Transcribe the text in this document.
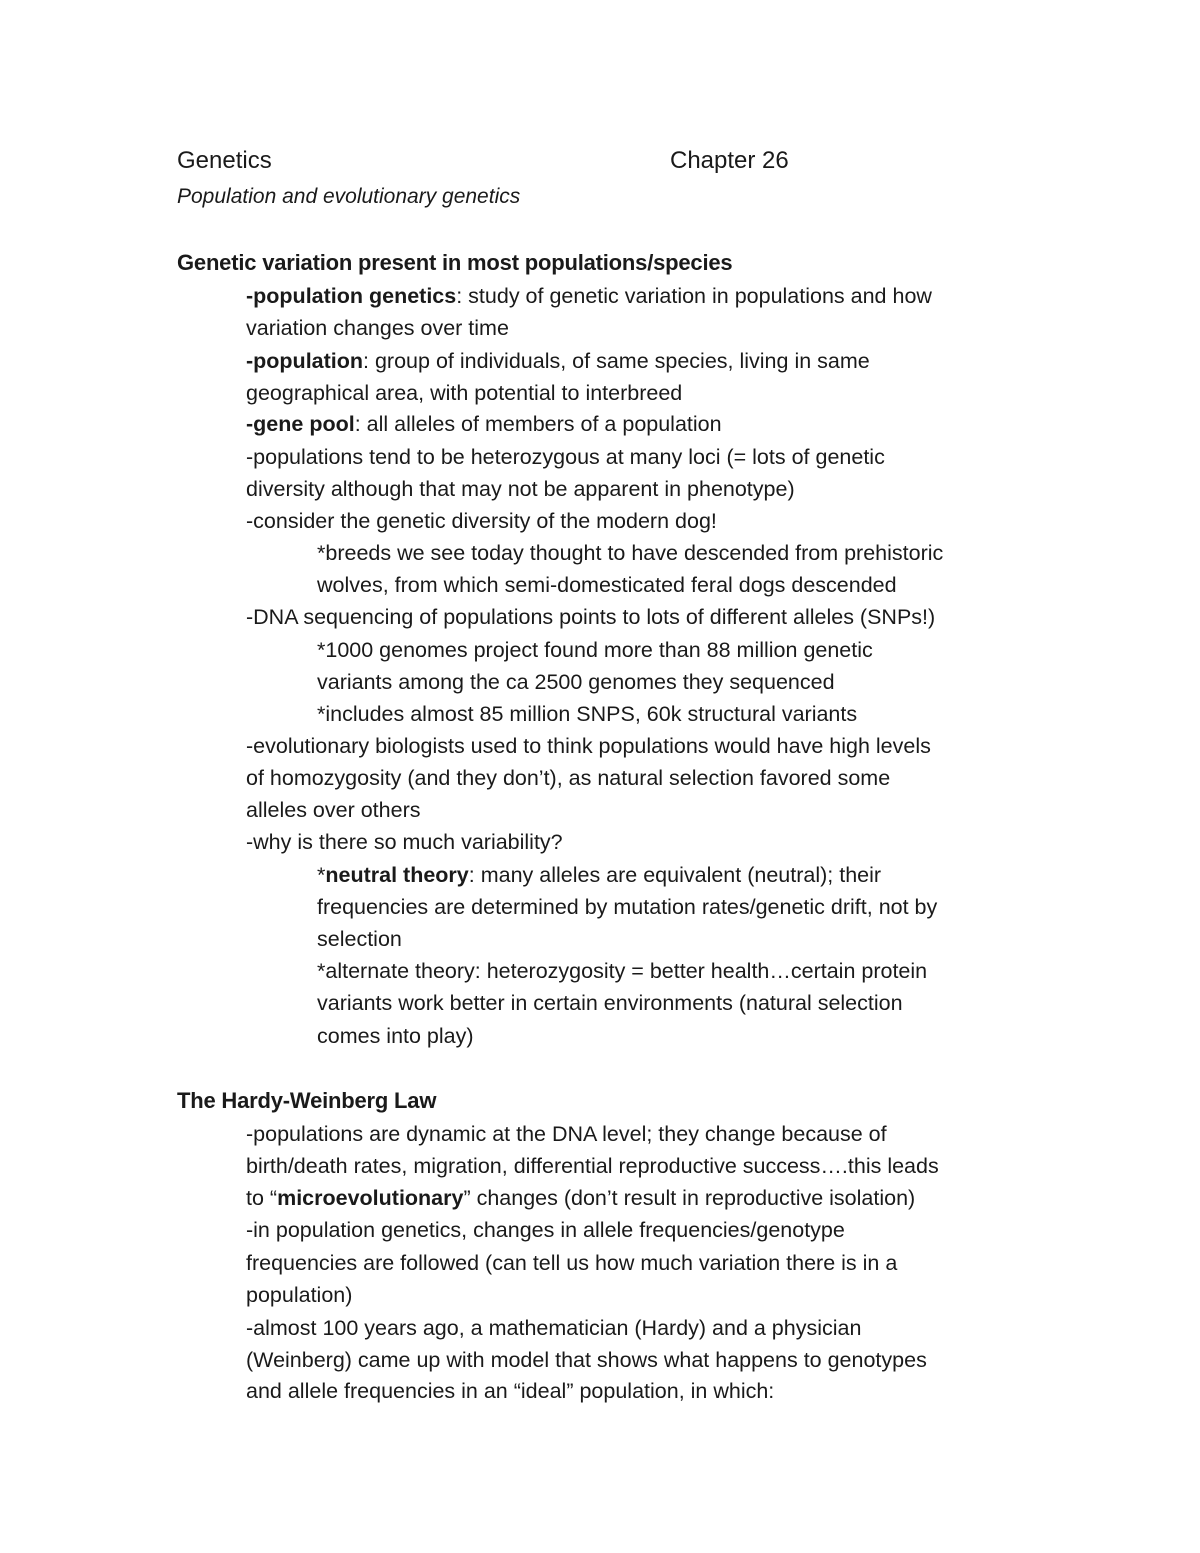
Genetics	Chapter 26
Population and evolutionary genetics
Genetic variation present in most populations/species
-population genetics: study of genetic variation in populations and how
variation changes over time
-population: group of individuals, of same species, living in same
geographical area, with potential to interbreed
-gene pool: all alleles of members of a population
-populations tend to be heterozygous at many loci (= lots of genetic
diversity although that may not be apparent in phenotype)
-consider the genetic diversity of the modern dog!
*breeds we see today thought to have descended from prehistoric
wolves, from which semi-domesticated feral dogs descended
-DNA sequencing of populations points to lots of different alleles (SNPs!)
*1000 genomes project found more than 88 million genetic
variants among the ca 2500 genomes they sequenced
*includes almost 85 million SNPS, 60k structural variants
-evolutionary biologists used to think populations would have high levels
of homozygosity (and they don’t), as natural selection favored some
alleles over others
-why is there so much variability?
*neutral theory: many alleles are equivalent (neutral); their
frequencies are determined by mutation rates/genetic drift, not by
selection
*alternate theory: heterozygosity = better health…certain protein
variants work better in certain environments (natural selection
comes into play)
The Hardy-Weinberg Law
-populations are dynamic at the DNA level; they change because of
birth/death rates, migration, differential reproductive success….this leads
to “microevolutionary” changes (don’t result in reproductive isolation)
-in population genetics, changes in allele frequencies/genotype
frequencies are followed (can tell us how much variation there is in a
population)
-almost 100 years ago, a mathematician (Hardy) and a physician
(Weinberg) came up with model that shows what happens to genotypes
and allele frequencies in an “ideal” population, in which:
